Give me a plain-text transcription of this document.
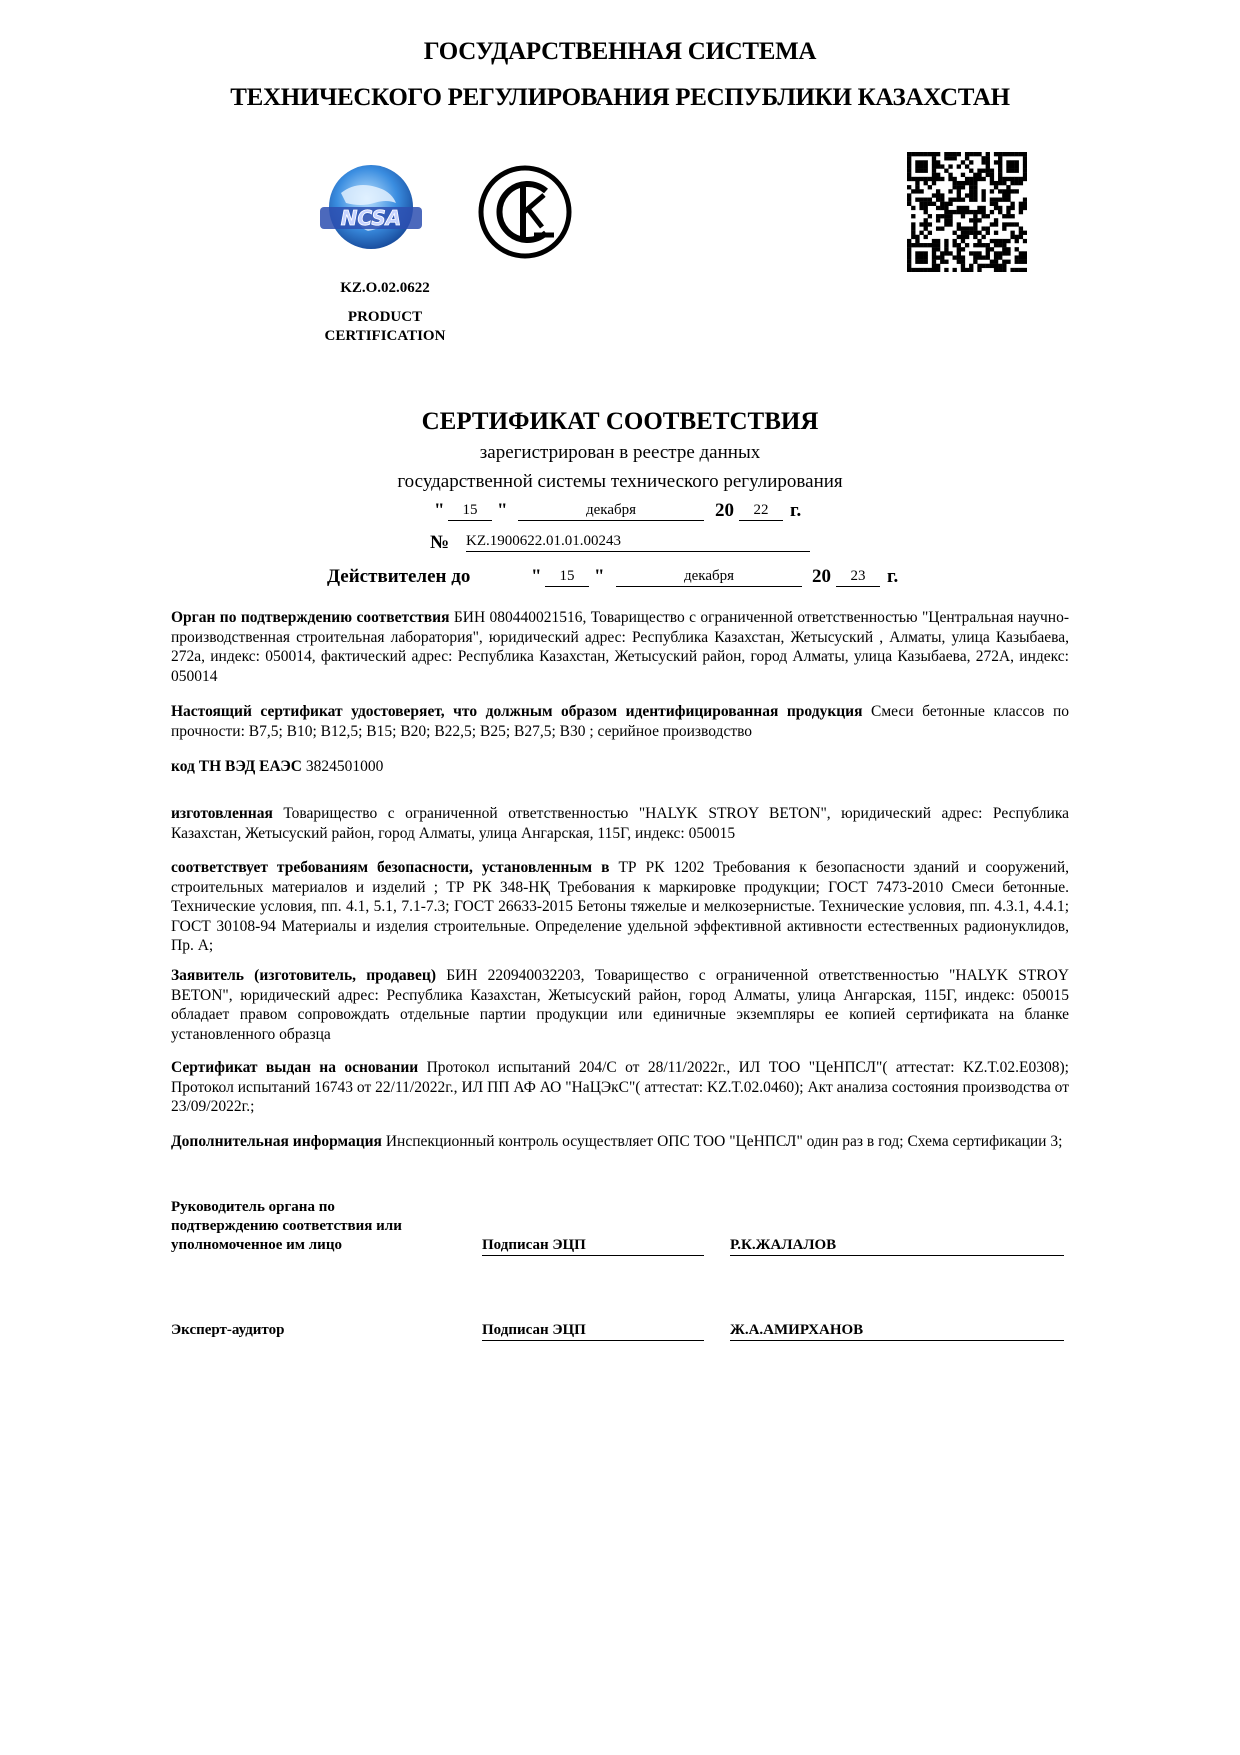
ГОСУДАРСТВЕННАЯ СИСТЕМА
ТЕХНИЧЕСКОГО РЕГУЛИРОВАНИЯ РЕСПУБЛИКИ КАЗАХСТАН
NCSA
KZ.O.02.0622
PRODUCT
CERTIFICATION
СЕРТИФИКАТ СООТВЕТСТВИЯ
зарегистрирован в реестре данных
государственной системы технического регулирования
"	15	"	декабря	20	22	г.
№ KZ.1900622.01.01.00243
Действителен до	"	15	"	декабря	20	23	г.
Орган по подтверждению соответствия БИН 080440021516, Товарищество с ограниченной ответственностью "Центральная научно-производственная строительная лаборатория", юридический адрес: Республика Казахстан, Жетысуский , Алматы, улица Казыбаева, 272а, индекс: 050014, фактический адрес: Республика Казахстан, Жетысуский район, город Алматы, улица Казыбаева, 272А, индекс: 050014
Настоящий сертификат удостоверяет, что должным образом идентифицированная продукция Смеси бетонные классов по прочности: В7,5; В10; В12,5; В15; В20; В22,5; В25; В27,5; В30 ; серийное производство
код ТН ВЭД ЕАЭС 3824501000
изготовленная Товарищество с ограниченной ответственностью "HALYK STROY BETON", юридический адрес: Республика Казахстан, Жетысуский район, город Алматы, улица Ангарская, 115Г, индекс: 050015
соответствует требованиям безопасности, установленным в ТР РК 1202 Требования к безопасности зданий и сооружений, строительных материалов и изделий ; ТР РК 348-НҚ Требования к маркировке продукции; ГОСТ 7473-2010 Смеси бетонные. Технические условия, пп. 4.1, 5.1, 7.1-7.3; ГОСТ 26633-2015 Бетоны тяжелые и мелкозернистые. Технические условия, пп. 4.3.1, 4.4.1; ГОСТ 30108-94 Материалы и изделия строительные. Определение удельной эффективной активности естественных радионуклидов, Пр. А;
Заявитель (изготовитель, продавец) БИН 220940032203, Товарищество с ограниченной ответственностью "HALYK STROY BETON", юридический адрес: Республика Казахстан, Жетысуский район, город Алматы, улица Ангарская, 115Г, индекс: 050015 обладает правом сопровождать отдельные партии продукции или единичные экземпляры ее копией сертификата на бланке установленного образца
Сертификат выдан на основании Протокол испытаний 204/С от 28/11/2022г., ИЛ ТОО "ЦеНПСЛ"( аттестат: KZ.T.02.E0308); Протокол испытаний 16743 от 22/11/2022г., ИЛ ПП АФ АО "НаЦЭкС"( аттестат: KZ.T.02.0460); Акт анализа состояния производства от 23/09/2022г.;
Дополнительная информация Инспекционный контроль осуществляет ОПС ТОО "ЦеНПСЛ" один раз в год; Схема сертификации 3;
Руководитель органа по
подтверждению соответствия или
уполномоченное им лицо	Подписан ЭЦП	Р.К.ЖАЛАЛОВ
Эксперт-аудитор	Подписан ЭЦП	Ж.А.АМИРХАНОВ
